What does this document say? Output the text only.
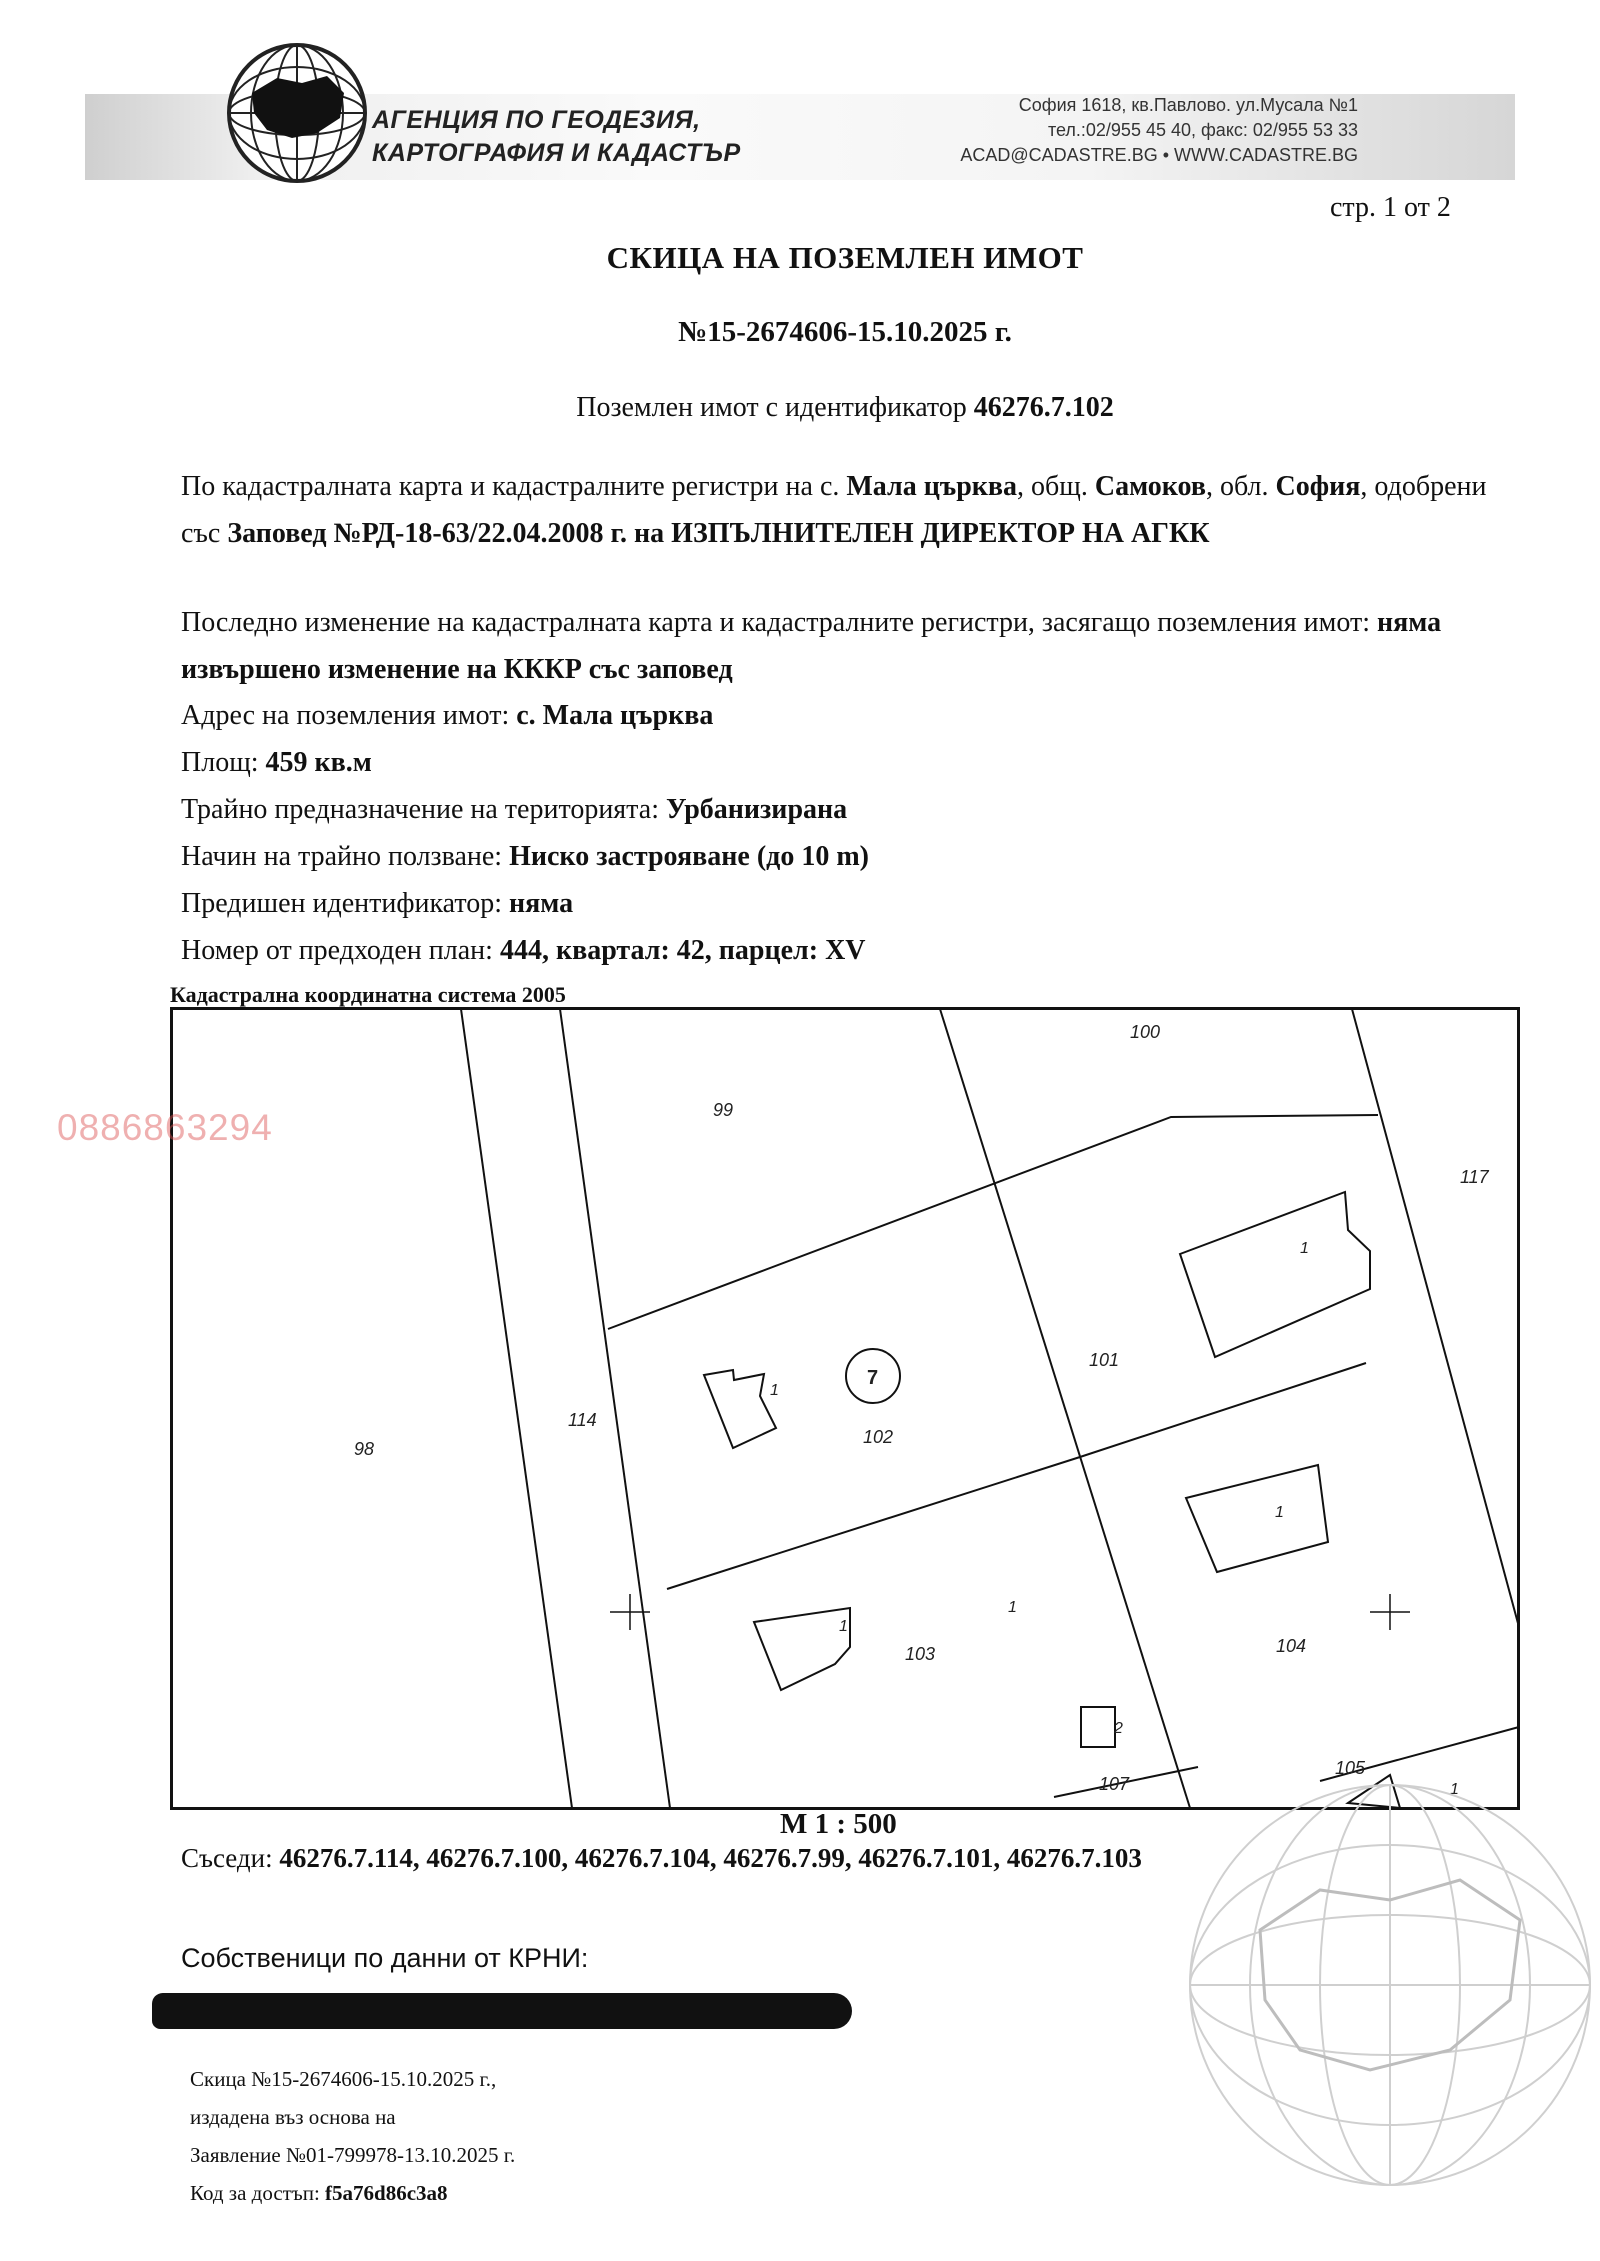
АГЕНЦИЯ ПО ГЕОДЕЗИЯ,
КАРТОГРАФИЯ И КАДАСТЪР
София 1618, кв.Павлово. ул.Мусала №1
тел.:02/955 45 40, факс: 02/955 53 33
ACAD@CADASTRE.BG • WWW.CADASTRE.BG
стр. 1 от 2
СКИЦА НА ПОЗЕМЛЕН ИМОТ
№15-2674606-15.10.2025 г.
Поземлен имот с идентификатор 46276.7.102
По кадастралната карта и кадастралните регистри на с. Мала църква, общ. Самоков, обл. София, одобрени със Заповед №РД-18-63/22.04.2008 г. на ИЗПЪЛНИТЕЛЕН ДИРЕКТОР НА АГКК
Последно изменение на кадастралната карта и кадастралните регистри, засягащо поземления имот: няма извършено изменение на КККР със заповед
Адрес на поземления имот: с. Мала църква
Площ: 459 кв.м
Трайно предназначение на територията: Урбанизирана
Начин на трайно ползване: Ниско застрояване (до 10 m)
Предишен идентификатор: няма
Номер от предходен план: 444, квартал: 42, парцел: XV
Кадастрална координатна система 2005
98
99
100
117
114
101
102
103	104
105
107
1
1
1
1
1
2
1
7
0886863294
М 1 : 500
Съседи: 46276.7.114, 46276.7.100, 46276.7.104, 46276.7.99, 46276.7.101, 46276.7.103
Собственици по данни от КРНИ:
Скица №15-2674606-15.10.2025 г.,
издадена въз основа на
Заявление №01-799978-13.10.2025 г.
Код за достъп: f5a76d86c3a8
